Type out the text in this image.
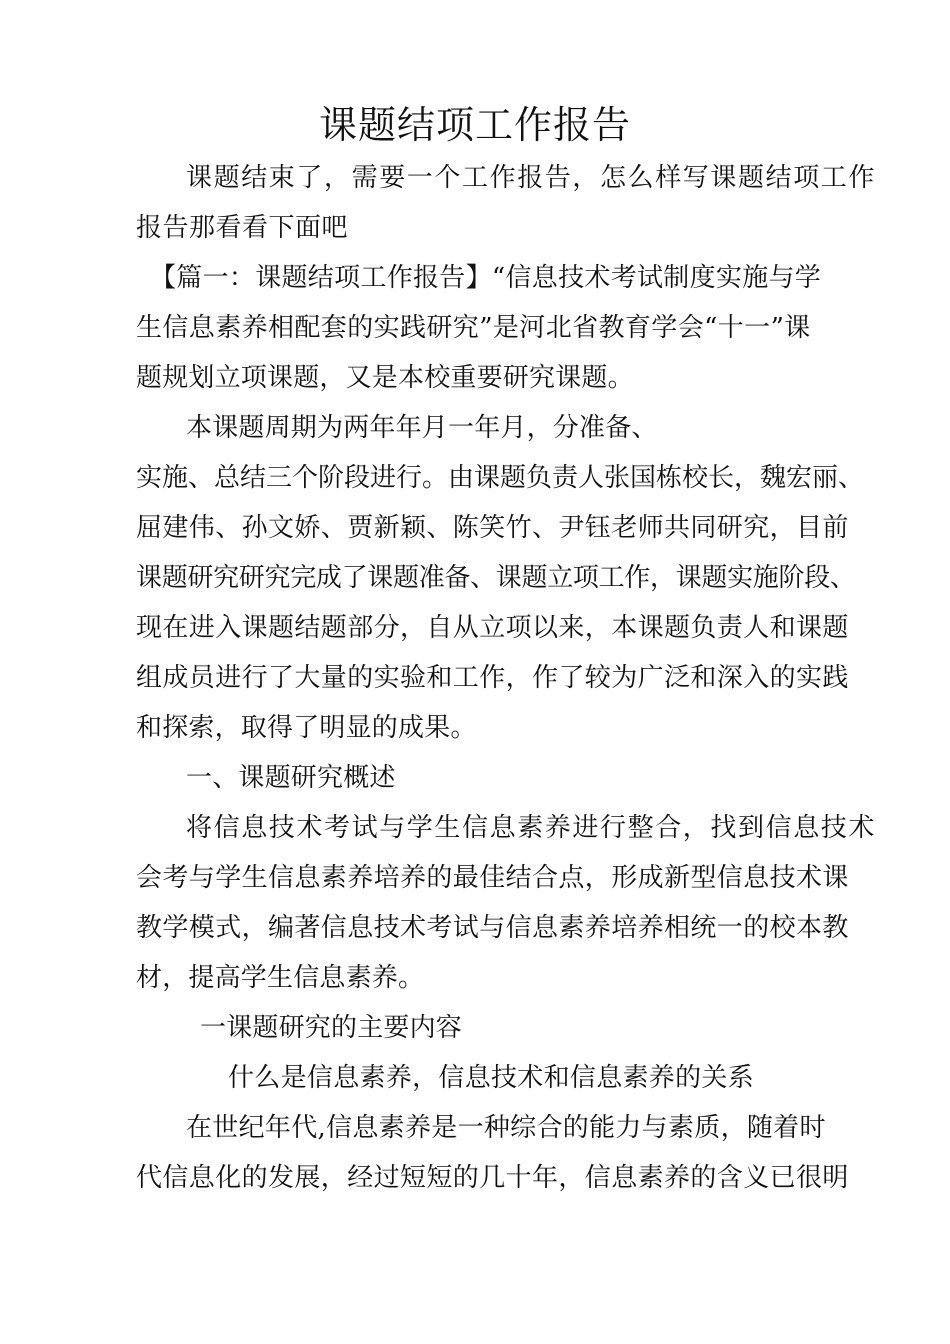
课题结项工作报告
课题结束了，需要一个工作报告，怎么样写课题结项工作
报告那看看下面吧
【篇一：课题结项工作报告】“信息技术考试制度实施与学
生信息素养相配套的实践研究”是河北省教育学会“十一”课
题规划立项课题，又是本校重要研究课题。
本课题周期为两年年月一年月，分准备、
实施、总结三个阶段进行。由课题负责人张国栋校长，魏宏丽、
屈建伟、孙文娇、贾新颖、陈笑竹、尹钰老师共同研究，目前
课题研究研究完成了课题准备、课题立项工作，课题实施阶段、
现在进入课题结题部分，自从立项以来，本课题负责人和课题
组成员进行了大量的实验和工作，作了较为广泛和深入的实践
和探索，取得了明显的成果。
一、课题研究概述
将信息技术考试与学生信息素养进行整合，找到信息技术
会考与学生信息素养培养的最佳结合点，形成新型信息技术课
教学模式，编著信息技术考试与信息素养培养相统一的校本教
材，提高学生信息素养。
一课题研究的主要内容
什么是信息素养，信息技术和信息素养的关系
在世纪年代,信息素养是一种综合的能力与素质，随着时
代信息化的发展，经过短短的几十年，信息素养的含义已很明
